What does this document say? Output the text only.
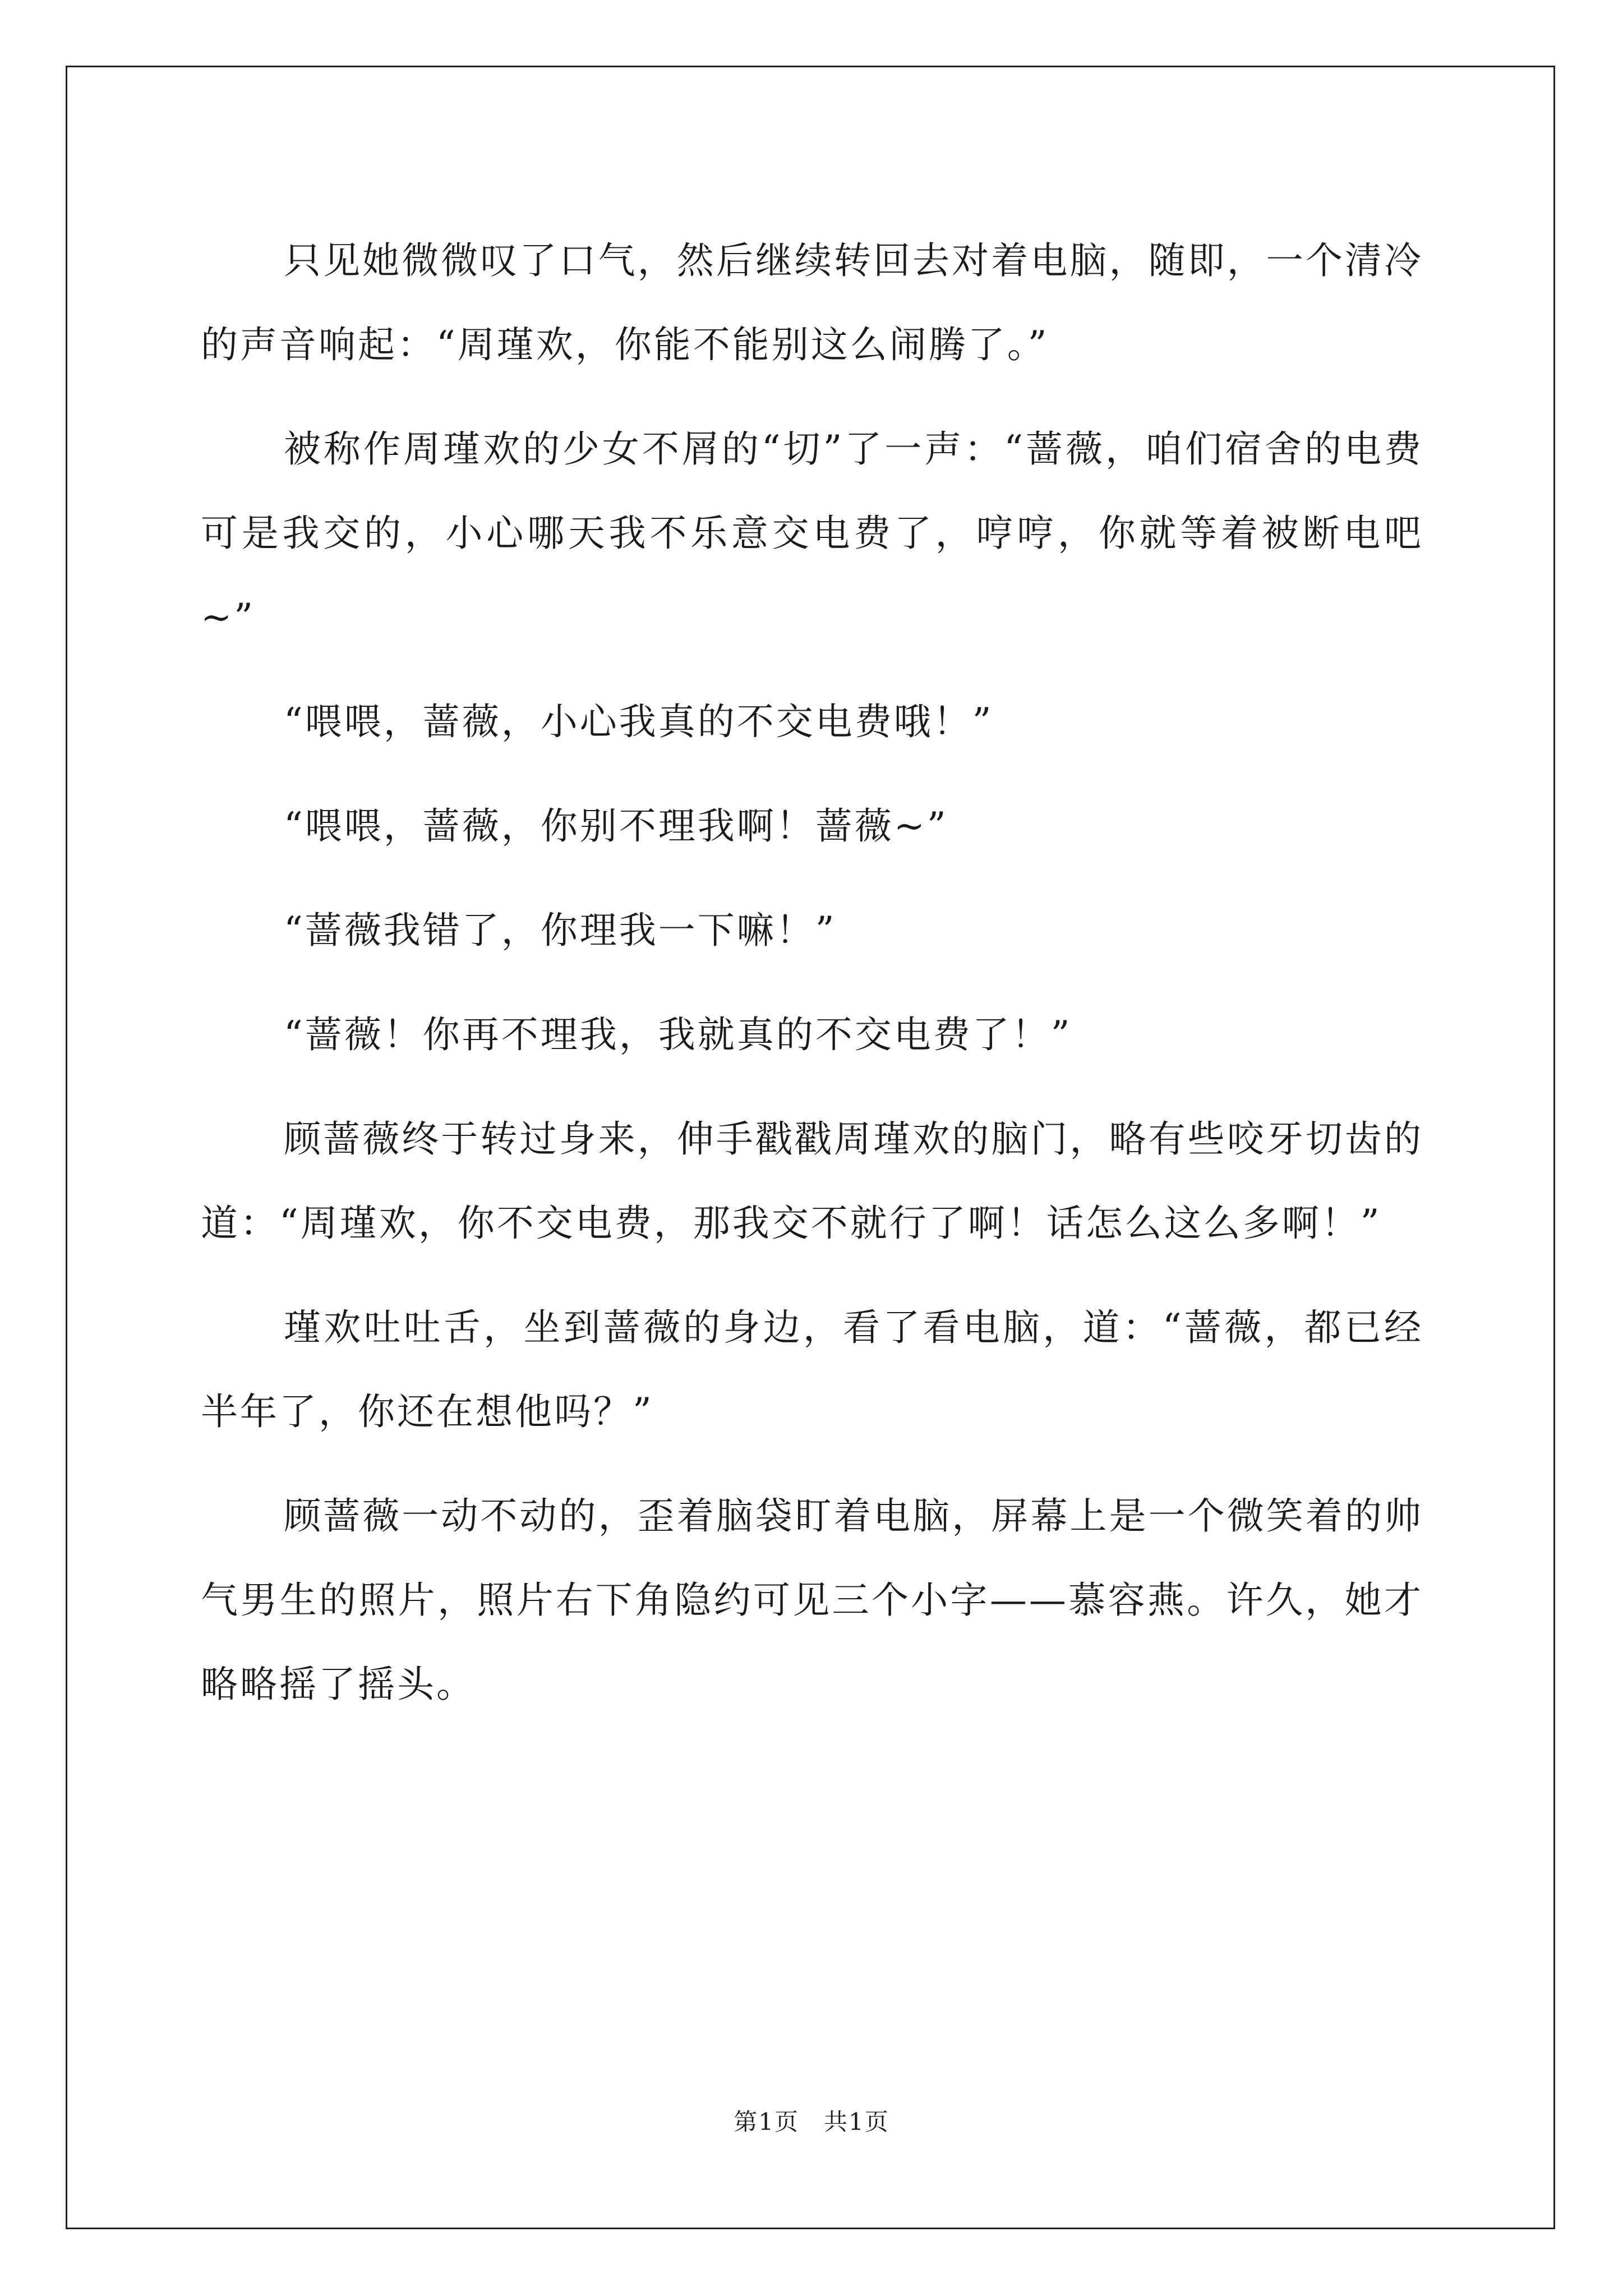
只见她微微叹了口气，然后继续转回去对着电脑，随即，一个清冷的声音响起：“周瑾欢，你能不能别这么闹腾了。”

被称作周瑾欢的少女不屑的“切”了一声：“蔷薇，咱们宿舍的电费可是我交的，小心哪天我不乐意交电费了，哼哼，你就等着被断电吧~”

“喂喂，蔷薇，小心我真的不交电费哦！”

“喂喂，蔷薇，你别不理我啊！蔷薇~”

“蔷薇我错了，你理我一下嘛！”

“蔷薇！你再不理我，我就真的不交电费了！”

顾蔷薇终于转过身来，伸手戳戳周瑾欢的脑门，略有些咬牙切齿的道：“周瑾欢，你不交电费，那我交不就行了啊！话怎么这么多啊！”

瑾欢吐吐舌，坐到蔷薇的身边，看了看电脑，道：“蔷薇，都已经半年了，你还在想他吗？”

顾蔷薇一动不动的，歪着脑袋盯着电脑，屏幕上是一个微笑着的帅气男生的照片，照片右下角隐约可见三个小字——慕容燕。许久，她才略略摇了摇头。

第1页　共1页
